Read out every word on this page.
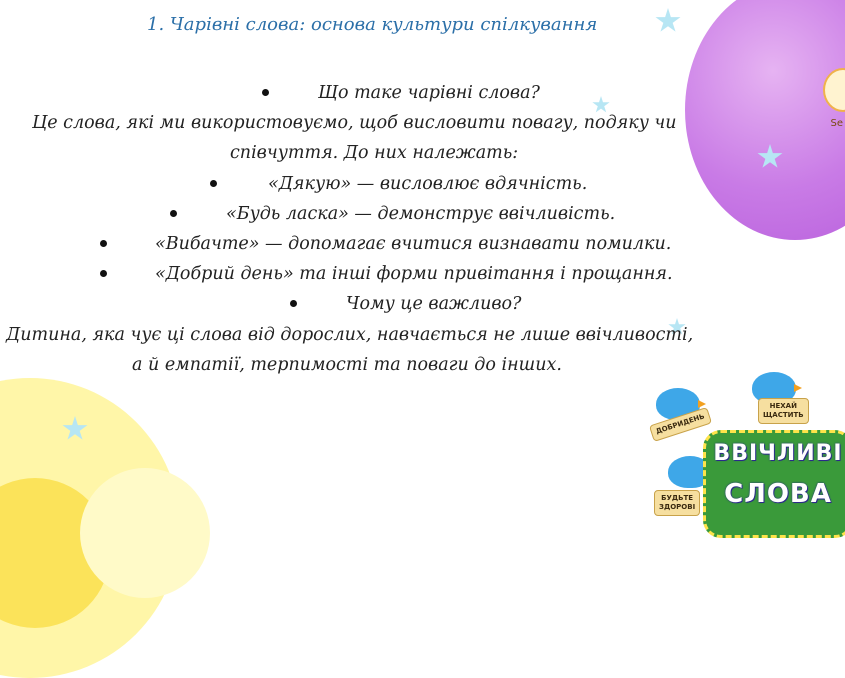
Se
1. Чарівні слова: основа культури спілкування
Що таке чарівні слова?
Це слова, які ми використовуємо, щоб висловити повагу, подяку чи
співчуття. До них належать:
«Дякую» — висловлює вдячність.
«Будь ласка» — демонструє ввічливість.
«Вибачте» — допомагає вчитися визнавати помилки.
«Добрий день» та інші форми привітання і прощання.
Чому це важливо?
Дитина, яка чує ці слова від дорослих, навчається не лише ввічливості,
а й емпатії, терпимості та поваги до інших.
ДОБРИДЕНЬ
НЕХАЙ
ЩАСТИТЬ
ВВІЧЛИВІ
СЛОВА
БУДЬТЕ
ЗДОРОВІ
